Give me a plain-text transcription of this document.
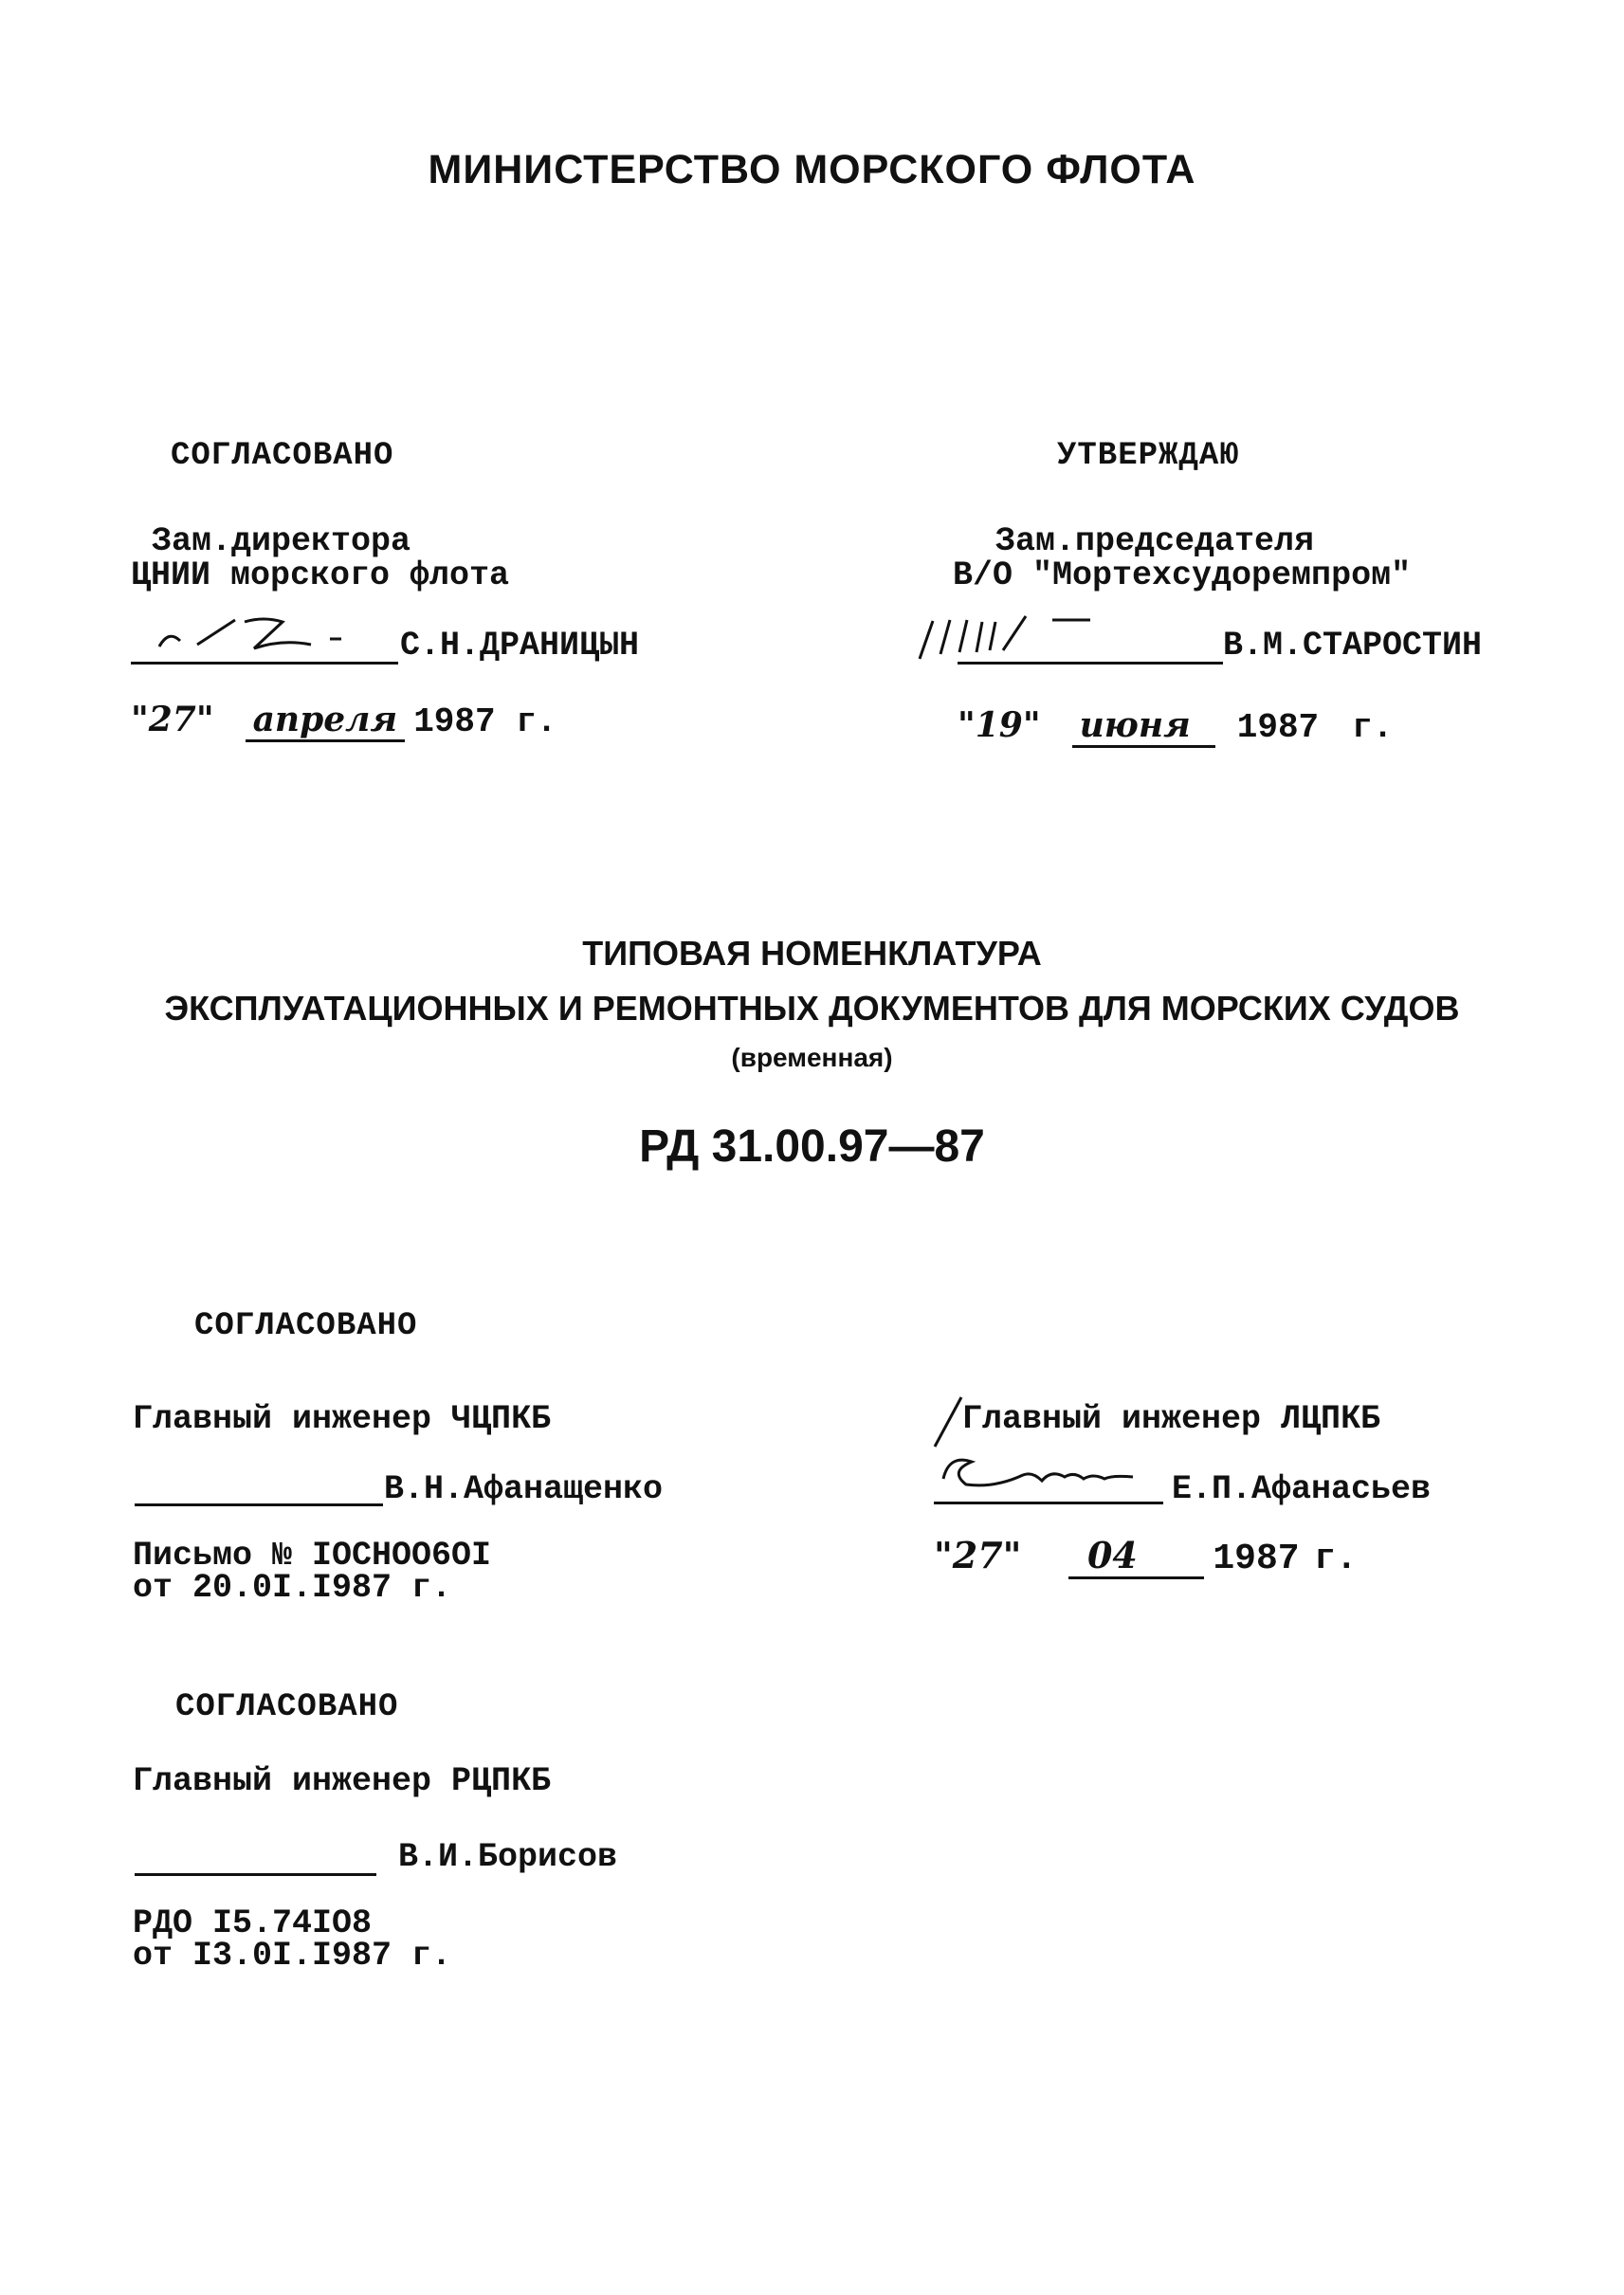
МИНИСТЕРСТВО МОРСКОГО ФЛОТА
СОГЛАСОВАНО
Зам.директора
ЦНИИ морского флота
С.Н.ДРАНИЦЫН
"27" апреля 1987 г.
УТВЕРЖДАЮ
Зам.председателя
В/О "Мортехсудоремпром"
В.М.СТАРОСТИН
"19" июня 1987 г.
ТИПОВАЯ НОМЕНКЛАТУРА
ЭКСПЛУАТАЦИОННЫХ И РЕМОНТНЫХ ДОКУМЕНТОВ ДЛЯ МОРСКИХ СУДОВ
(временная)
РД 31.00.97—87
СОГЛАСОВАНО
Главный инженер ЧЦПКБ
В.Н.Афанащенко
Письмо № IOCHOO6OI
от 20.0I.I987 г.
Главный инженер ЛЦПКБ
Е.П.Афанасьев
"27" 04 1987 г.
СОГЛАСОВАНО
Главный инженер РЦПКБ
В.И.Борисов
РДО I5.74IO8
от I3.0I.I987 г.
